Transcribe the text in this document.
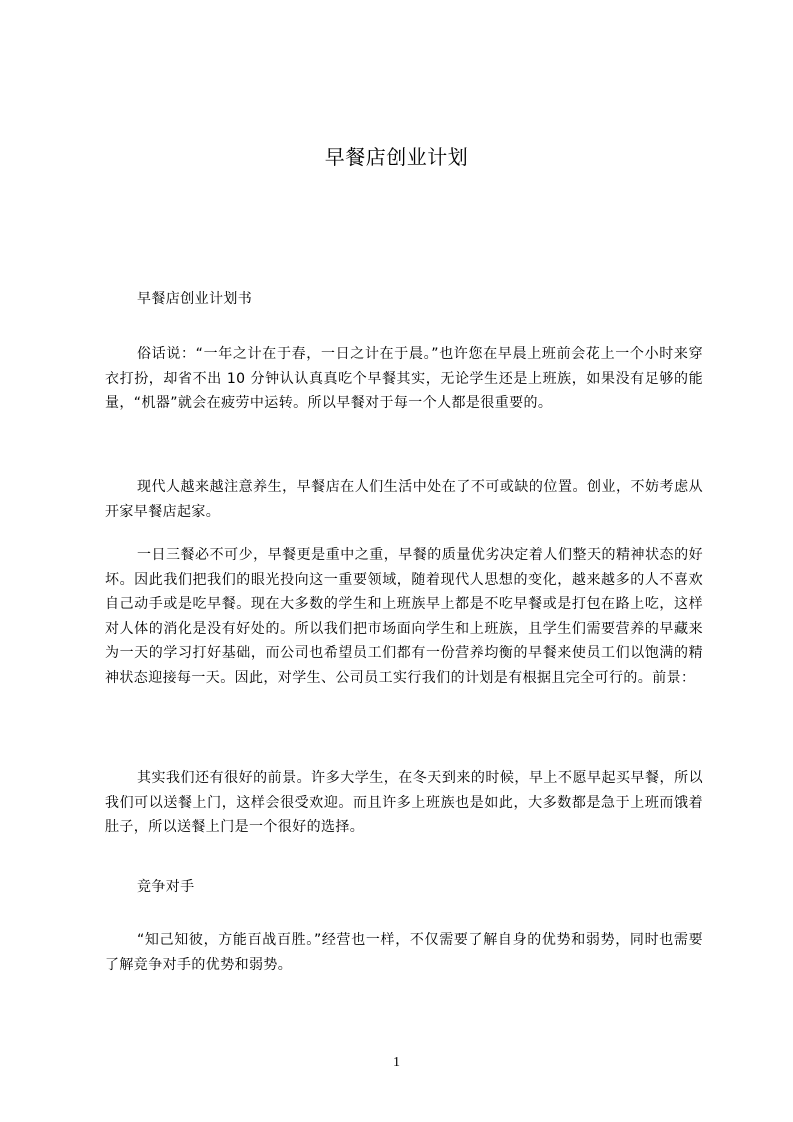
早餐店创业计划
早餐店创业计划书
俗话说：“一年之计在于春，一日之计在于晨。”也许您在早晨上班前会花上一个小时来穿衣打扮，却省不出 10 分钟认认真真吃个早餐其实，无论学生还是上班族，如果没有足够的能量，“机器”就会在疲劳中运转。所以早餐对于每一个人都是很重要的。
现代人越来越注意养生，早餐店在人们生活中处在了不可或缺的位置。创业，不妨考虑从开家早餐店起家。
一日三餐必不可少，早餐更是重中之重，早餐的质量优劣决定着人们整天的精神状态的好坏。因此我们把我们的眼光投向这一重要领域，随着现代人思想的变化，越来越多的人不喜欢自己动手或是吃早餐。现在大多数的学生和上班族早上都是不吃早餐或是打包在路上吃，这样对人体的消化是没有好处的。所以我们把市场面向学生和上班族，且学生们需要营养的早藏来为一天的学习打好基础，而公司也希望员工们都有一份营养均衡的早餐来使员工们以饱满的精神状态迎接每一天。因此，对学生、公司员工实行我们的计划是有根据且完全可行的。前景：
其实我们还有很好的前景。许多大学生，在冬天到来的时候，早上不愿早起买早餐，所以我们可以送餐上门，这样会很受欢迎。而且许多上班族也是如此，大多数都是急于上班而饿着肚子，所以送餐上门是一个很好的选择。
竞争对手
“知己知彼，方能百战百胜。”经营也一样，不仅需要了解自身的优势和弱势，同时也需要了解竞争对手的优势和弱势。
1
